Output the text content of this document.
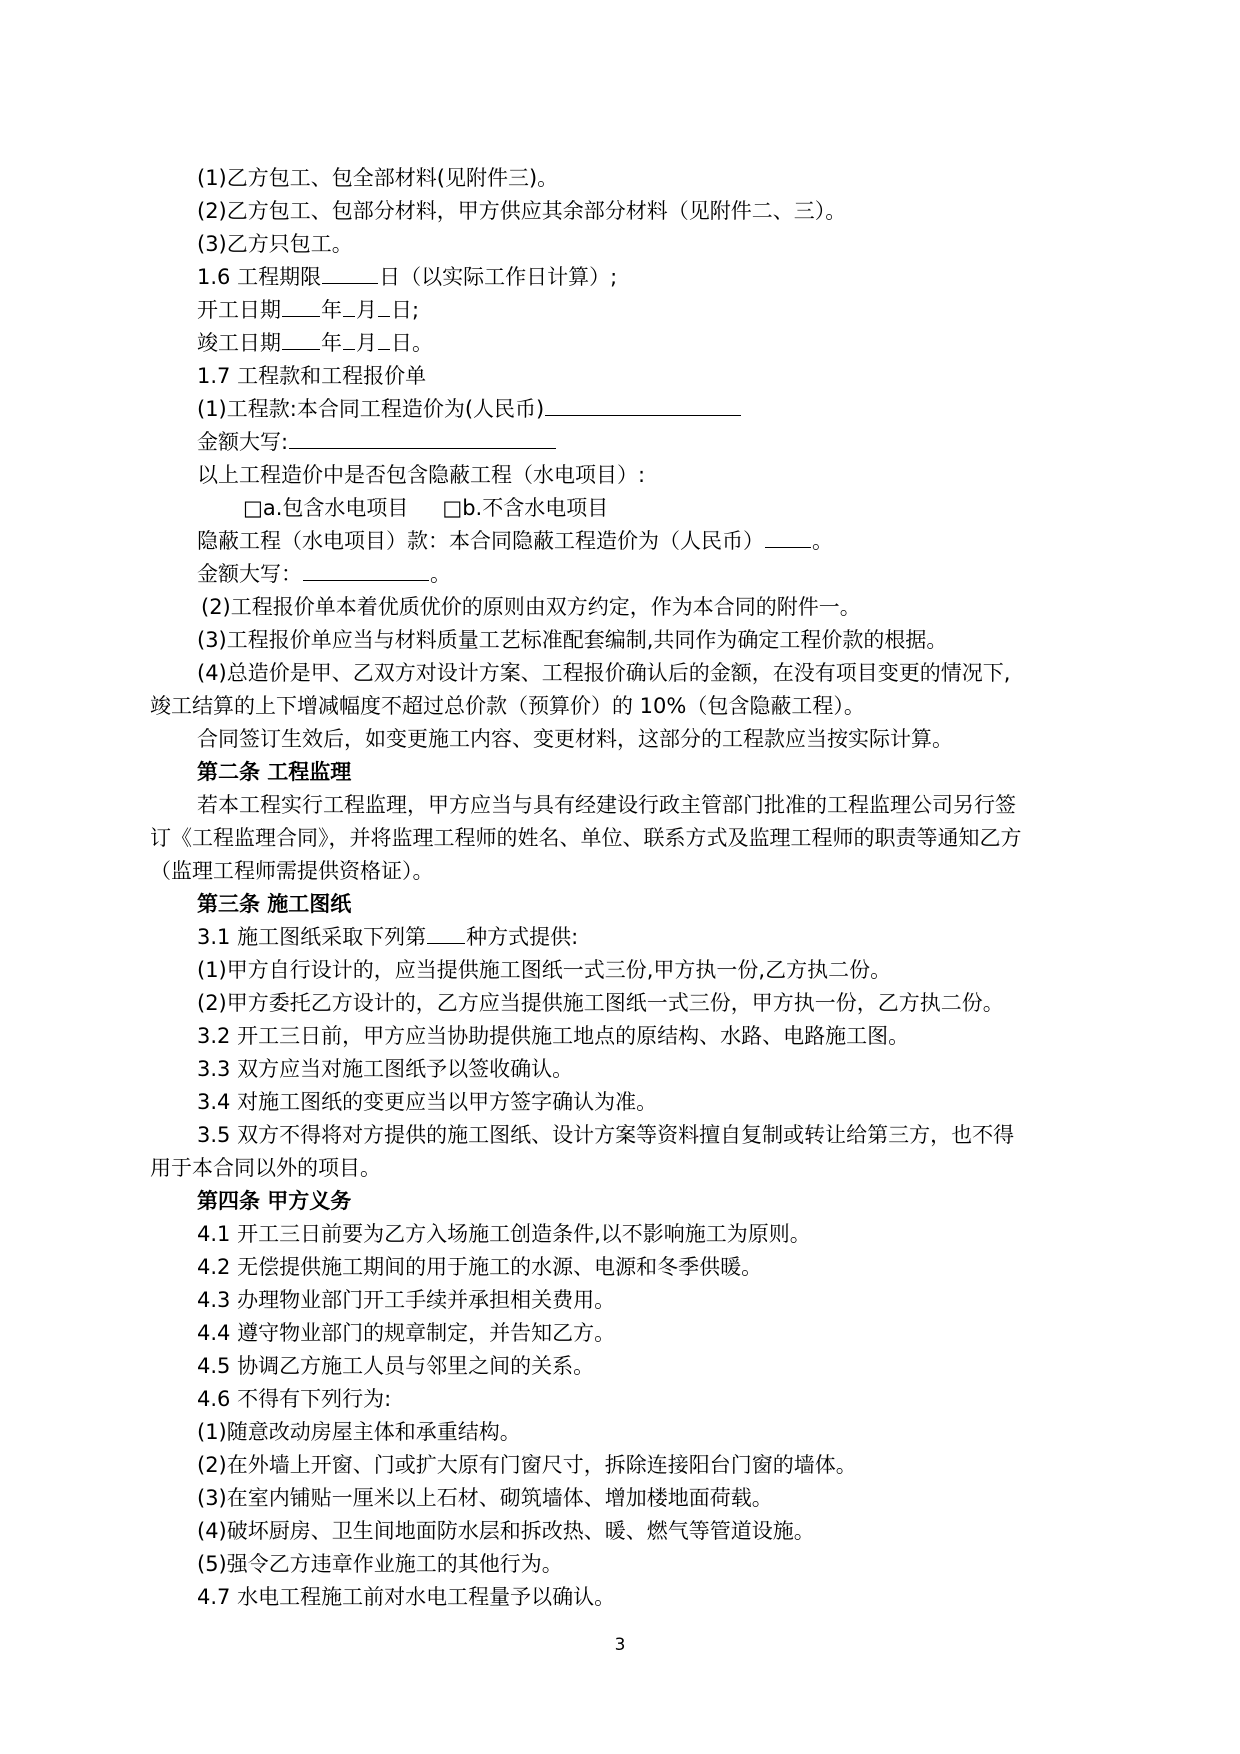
(1)乙方包工、包全部材料(见附件三)。
(2)乙方包工、包部分材料，甲方供应其余部分材料（见附件二、三）。
(3)乙方只包工。
1.6 工程期限	日（以实际工作日计算）;
开工日期 年 月 日;
竣工日期 年 月 日。
1.7 工程款和工程报价单
(1)工程款:本合同工程造价为(人民币)
金额大写:
以上工程造价中是否包含隐蔽工程（水电项目）:
□a.包含水电项目 □b.不含水电项目
隐蔽工程（水电项目）款：本合同隐蔽工程造价为（人民币） 。
金额大写：	。
(2)工程报价单本着优质优价的原则由双方约定，作为本合同的附件一。
(3)工程报价单应当与材料质量工艺标准配套编制,共同作为确定工程价款的根据。
(4)总造价是甲、乙双方对设计方案、工程报价确认后的金额，在没有项目变更的情况下,
竣工结算的上下增减幅度不超过总价款（预算价）的 10%（包含隐蔽工程）。
合同签订生效后，如变更施工内容、变更材料，这部分的工程款应当按实际计算。
第二条 工程监理
若本工程实行工程监理，甲方应当与具有经建设行政主管部门批准的工程监理公司另行签
订《工程监理合同》，并将监理工程师的姓名、单位、联系方式及监理工程师的职责等通知乙方
（监理工程师需提供资格证）。
第三条 施工图纸
3.1 施工图纸采取下列第 种方式提供:
(1)甲方自行设计的，应当提供施工图纸一式三份,甲方执一份,乙方执二份。
(2)甲方委托乙方设计的，乙方应当提供施工图纸一式三份，甲方执一份，乙方执二份。
3.2 开工三日前，甲方应当协助提供施工地点的原结构、水路、电路施工图。
3.3 双方应当对施工图纸予以签收确认。
3.4 对施工图纸的变更应当以甲方签字确认为准。
3.5 双方不得将对方提供的施工图纸、设计方案等资料擅自复制或转让给第三方，也不得
用于本合同以外的项目。
第四条 甲方义务
4.1 开工三日前要为乙方入场施工创造条件,以不影响施工为原则。
4.2 无偿提供施工期间的用于施工的水源、电源和冬季供暖。
4.3 办理物业部门开工手续并承担相关费用。
4.4 遵守物业部门的规章制定，并告知乙方。
4.5 协调乙方施工人员与邻里之间的关系。
4.6 不得有下列行为:
(1)随意改动房屋主体和承重结构。
(2)在外墙上开窗、门或扩大原有门窗尺寸，拆除连接阳台门窗的墙体。
(3)在室内铺贴一厘米以上石材、砌筑墙体、增加楼地面荷载。
(4)破坏厨房、卫生间地面防水层和拆改热、暖、燃气等管道设施。
(5)强令乙方违章作业施工的其他行为。
4.7 水电工程施工前对水电工程量予以确认。
3
